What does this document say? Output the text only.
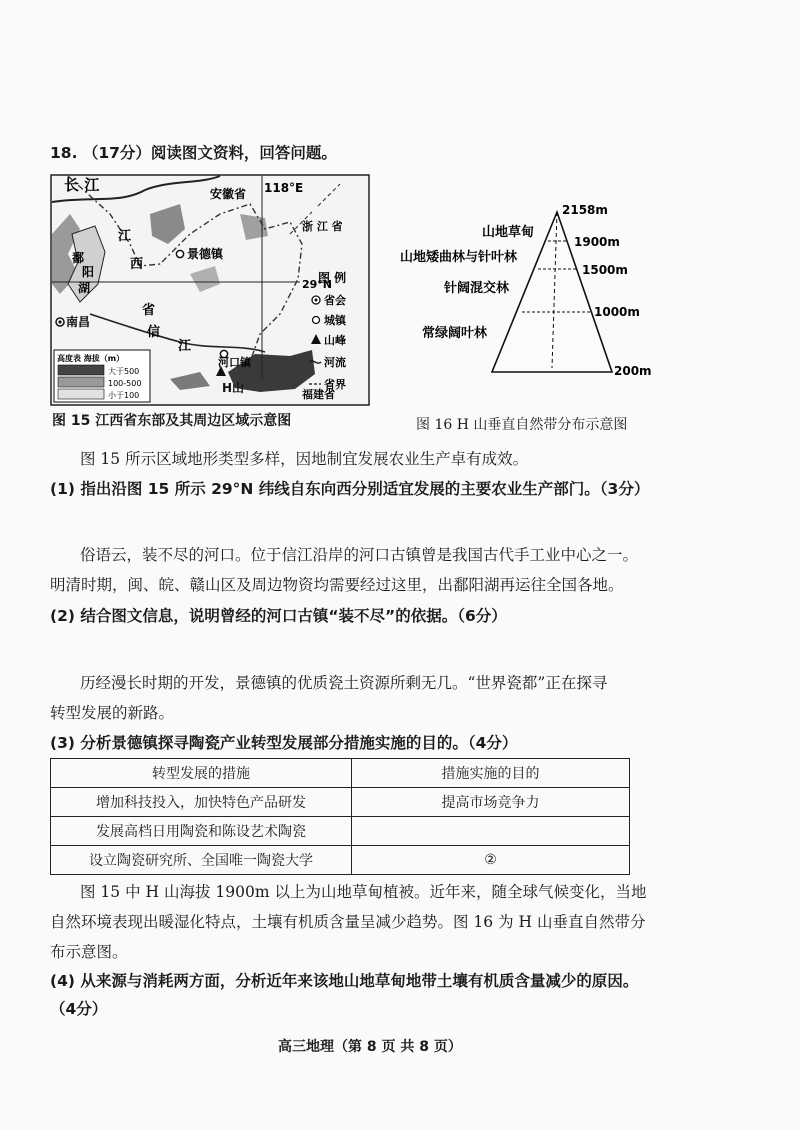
18. （17分）阅读图文资料，回答问题。
长 江	安徽省 118°E
浙 江 省
江
西
省
鄱
阳
湖
景德镇
南昌
信
江
河口镇
H山	福建省
29°N
图 例
省会
城镇
山峰
河流
省界
高度表 海拔（m）
大于500
100-500
小于100
山地草甸
山地矮曲林与针叶林
针阔混交林
常绿阔叶林
2158m
1900m
1500m
1000m
200m
图 15 江西省东部及其周边区域示意图	图 16 H 山垂直自然带分布示意图
图 15 所示区域地形类型多样，因地制宜发展农业生产卓有成效。
(1) 指出沿图 15 所示 29°N 纬线自东向西分别适宜发展的主要农业生产部门。（3分）
俗语云，装不尽的河口。位于信江沿岸的河口古镇曾是我国古代手工业中心之一。
明清时期，闽、皖、赣山区及周边物资均需要经过这里，出鄱阳湖再运往全国各地。
(2) 结合图文信息，说明曾经的河口古镇“装不尽”的依据。（6分）
历经漫长时期的开发，景德镇的优质瓷土资源所剩无几。“世界瓷都”正在探寻
转型发展的新路。
(3) 分析景德镇探寻陶瓷产业转型发展部分措施实施的目的。（4分）
转型发展的措施	措施实施的目的
增加科技投入，加快特色产品研发	提高市场竞争力
发展高档日用陶瓷和陈设艺术陶瓷	
设立陶瓷研究所、全国唯一陶瓷大学	②
图 15 中 H 山海拔 1900m 以上为山地草甸植被。近年来，随全球气候变化，当地
自然环境表现出暖湿化特点，土壤有机质含量呈减少趋势。图 16 为 H 山垂直自然带分
布示意图。
(4) 从来源与消耗两方面，分析近年来该地山地草甸地带土壤有机质含量减少的原因。
（4分）
高三地理（第 8 页 共 8 页）
